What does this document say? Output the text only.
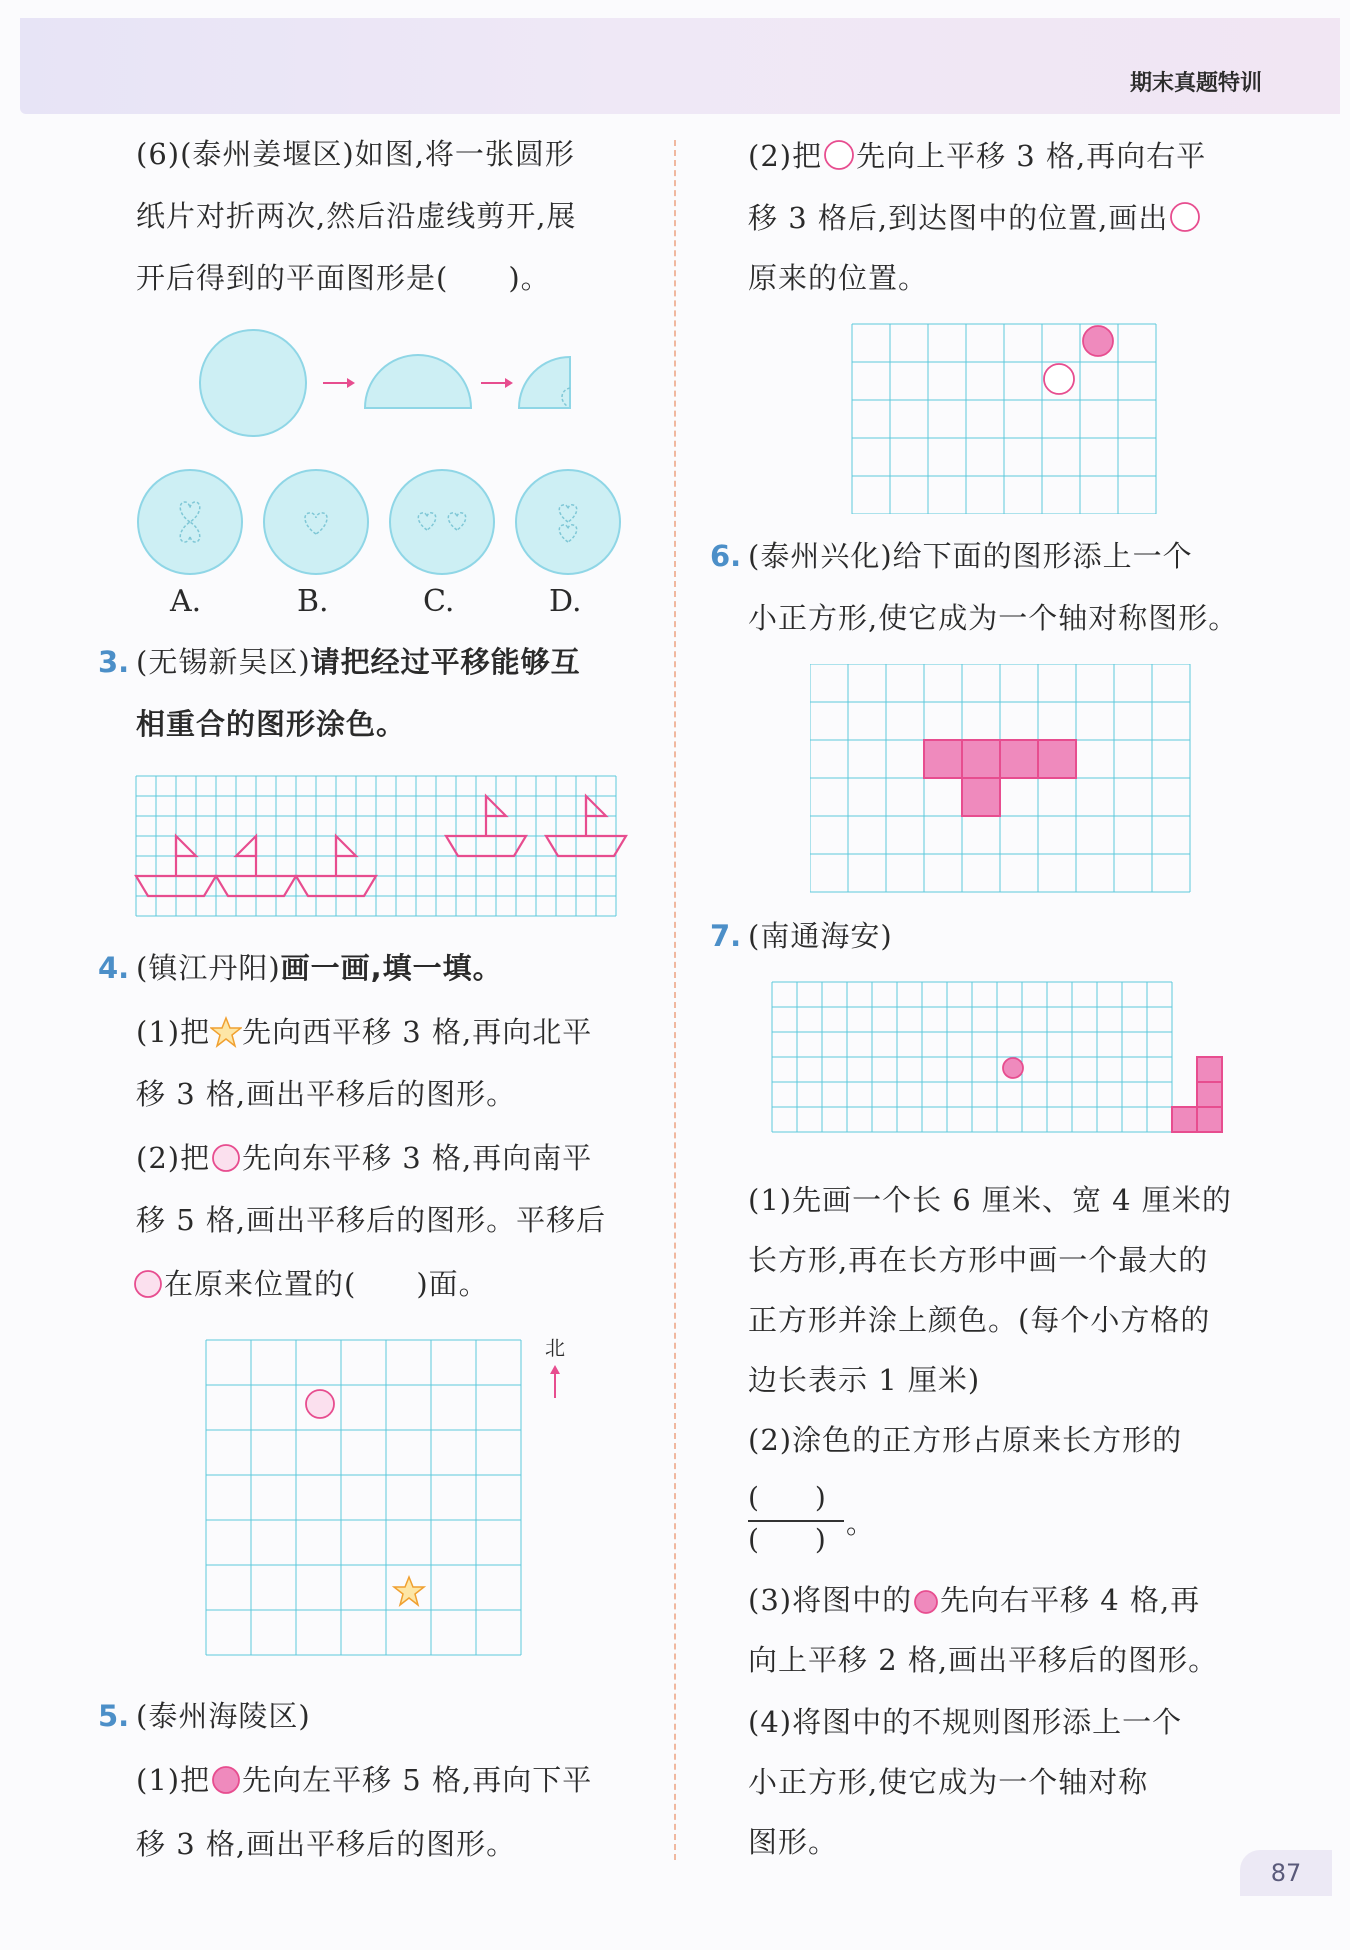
期末真题特训
(6)(泰州姜堰区)如图,将一张圆形
纸片对折两次,然后沿虚线剪开,展
开后得到的平面图形是(　　)。
A.	B.	C.	D.
3. (无锡新吴区)请把经过平移能够互
相重合的图形涂色。
4. (镇江丹阳)画一画,填一填。
(1)把 先向西平移 3 格,再向北平
移 3 格,画出平移后的图形。
(2)把 先向东平移 3 格,再向南平
移 5 格,画出平移后的图形。平移后
在原来位置的(　　)面。
北
5. (泰州海陵区)
(1)把 先向左平移 5 格,再向下平
移 3 格,画出平移后的图形。
(2)把 先向上平移 3 格,再向右平
移 3 格后,到达图中的位置,画出
原来的位置。
6. (泰州兴化)给下面的图形添上一个
小正方形,使它成为一个轴对称图形。
7. (南通海安)
(1)先画一个长 6 厘米、宽 4 厘米的
长方形,再在长方形中画一个最大的
正方形并涂上颜色。(每个小方格的
边长表示 1 厘米)
(2)涂色的正方形占原来长方形的
(　　)
(　　) 。
(3)将图中的 先向右平移 4 格,再
向上平移 2 格,画出平移后的图形。
(4)将图中的不规则图形添上一个
小正方形,使它成为一个轴对称
图形。
87
